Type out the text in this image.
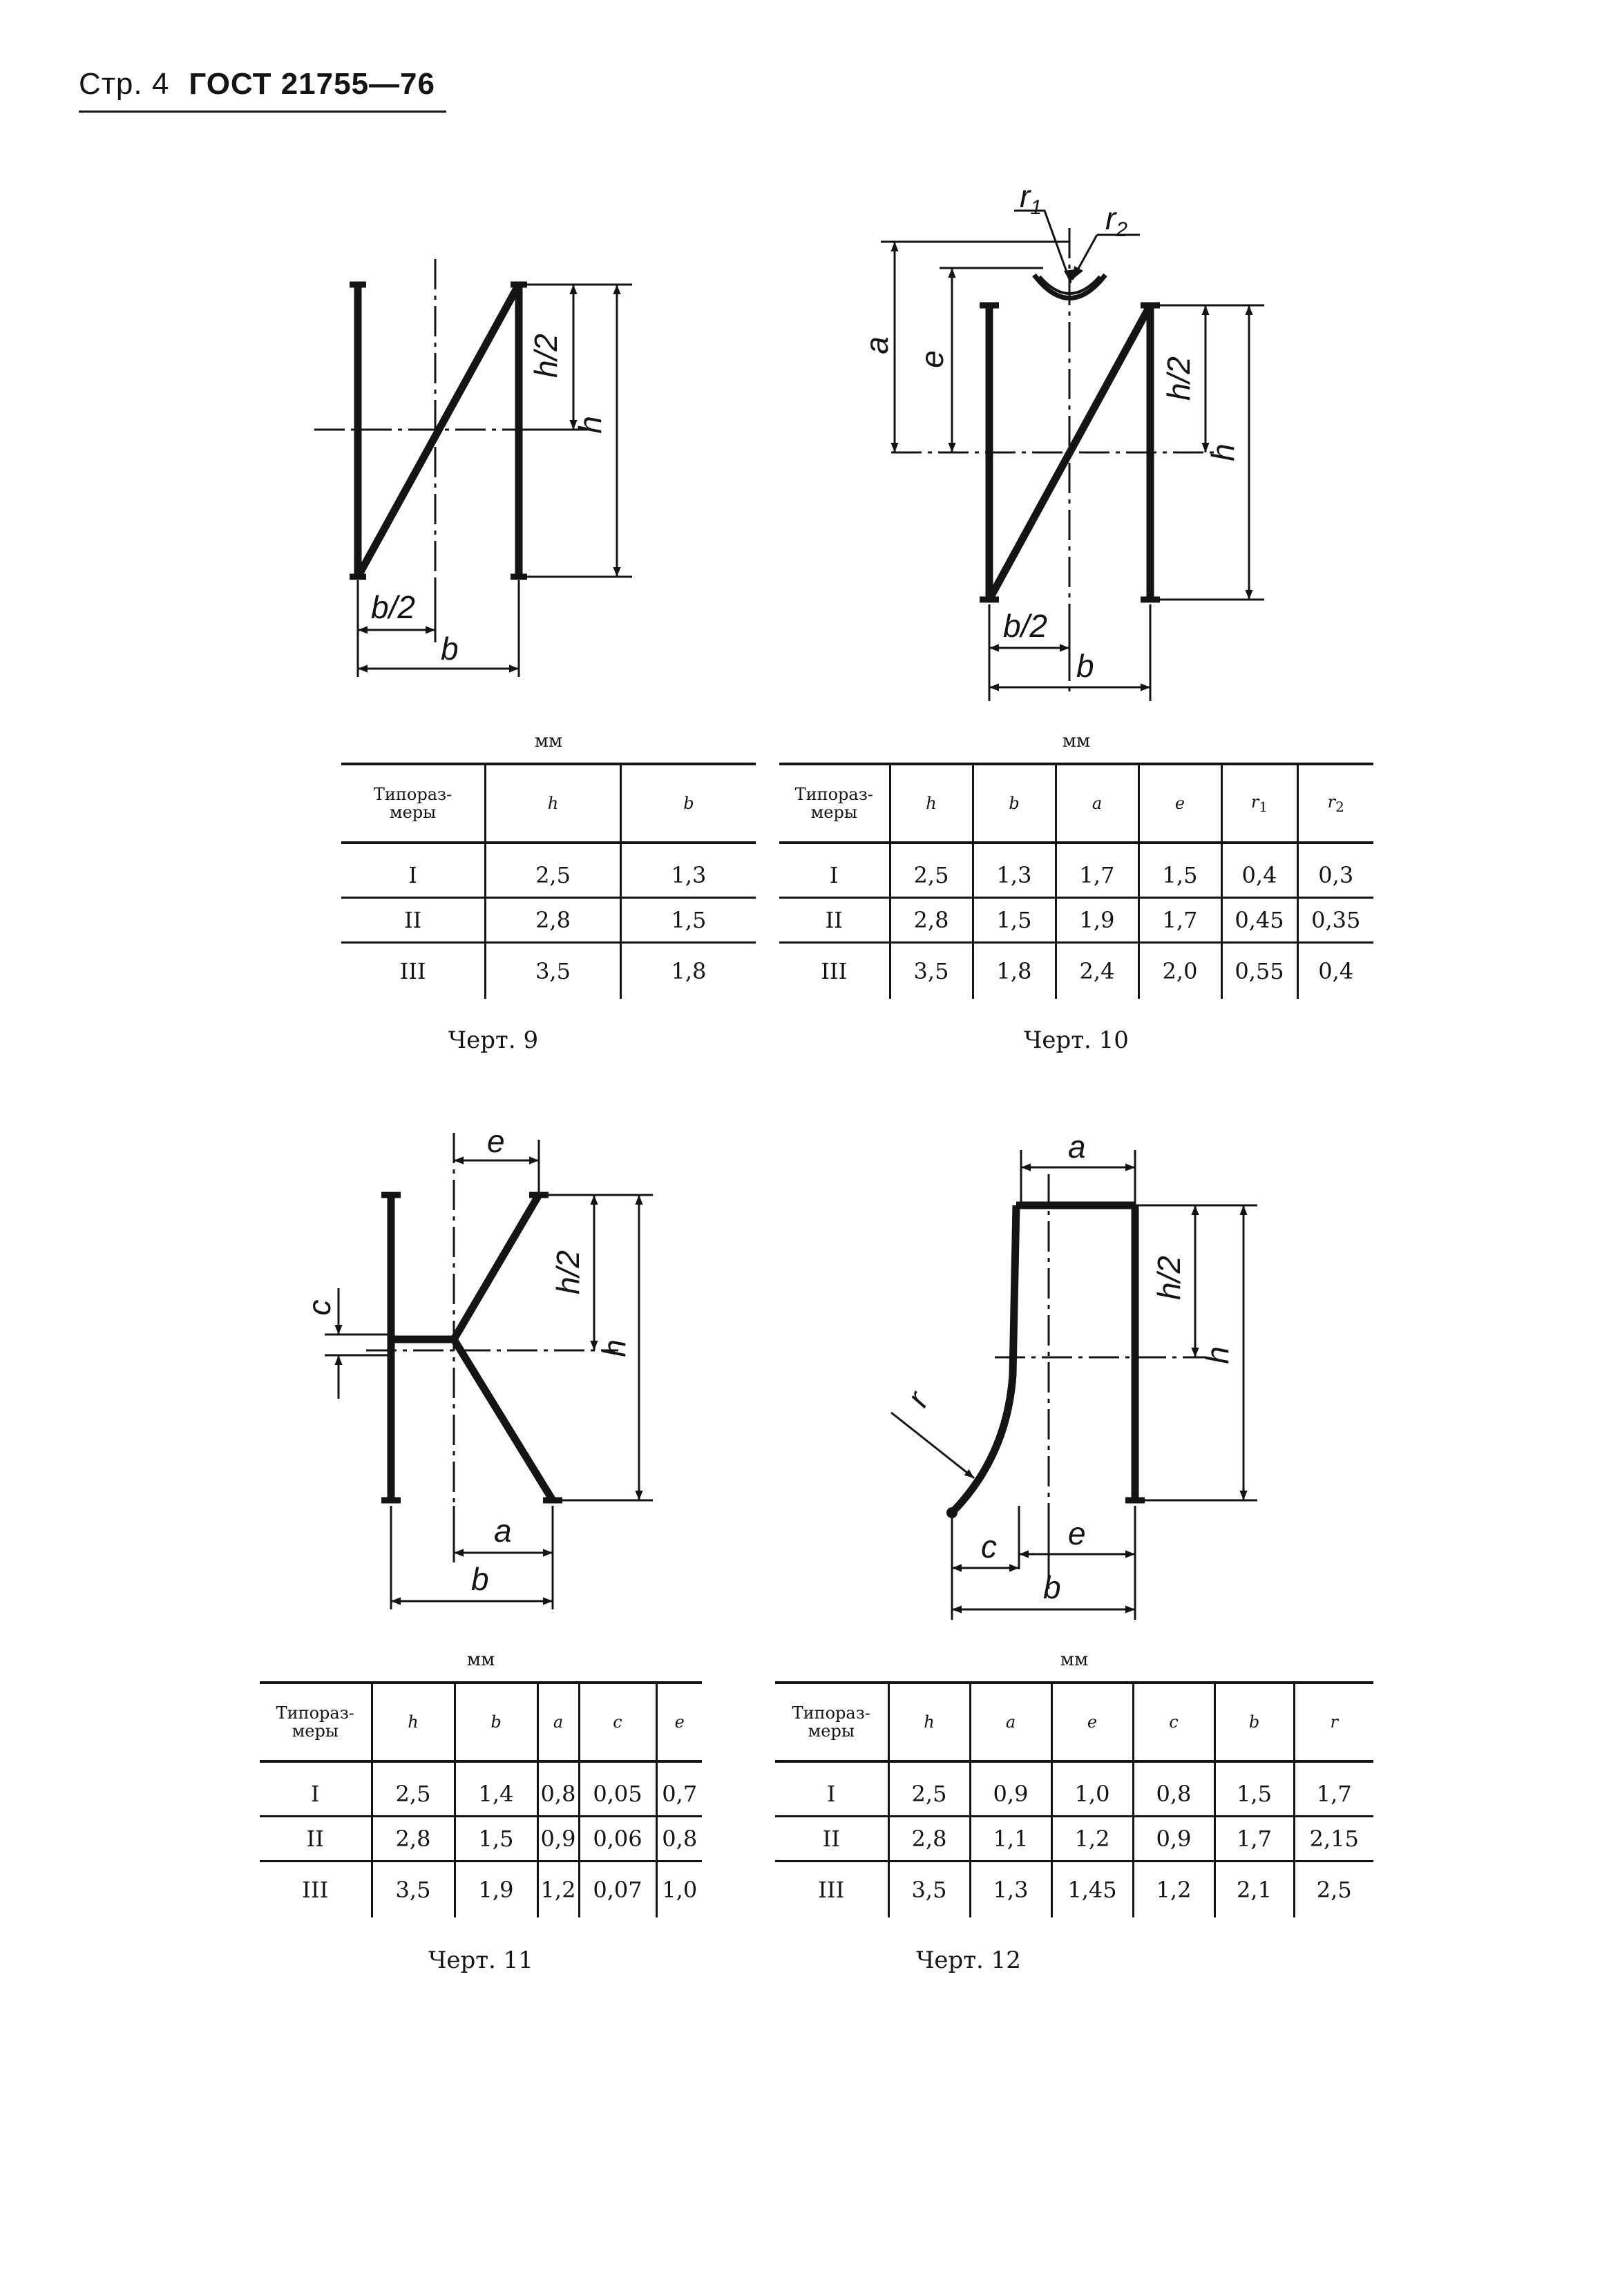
Стр. 4 ГОСТ 21755—76
h/2
h
b/2
b
$r_1$ $r_2$
a
e	h/2
h
b/2
b
e
c
h/2
h
a
b
a
h/2
h
r
c e
b
мм
Типораз-
меры	h	b
I	2,5	1,3
II	2,8	1,5
III	3,5	1,8
Черт. 9
мм
Типораз-
меры	h	b	a	e	$r_1$	$r_2$
I	2,5	1,3	1,7	1,5	0,4	0,3
II	2,8	1,5	1,9	1,7	0,45	0,35
III	3,5	1,8	2,4	2,0	0,55	0,4
Черт. 10
мм
Типораз-
меры	h	b	a	c	e
I	2,5	1,4	0,8	0,05	0,7
II	2,8	1,5	0,9	0,06	0,8
III	3,5	1,9	1,2	0,07	1,0
Черт. 11
мм
Типораз-
меры	h	a	e	c	b	r
I	2,5	0,9	1,0	0,8	1,5	1,7
II	2,8	1,1	1,2	0,9	1,7	2,15
III	3,5	1,3	1,45	1,2	2,1	2,5
Черт. 12
